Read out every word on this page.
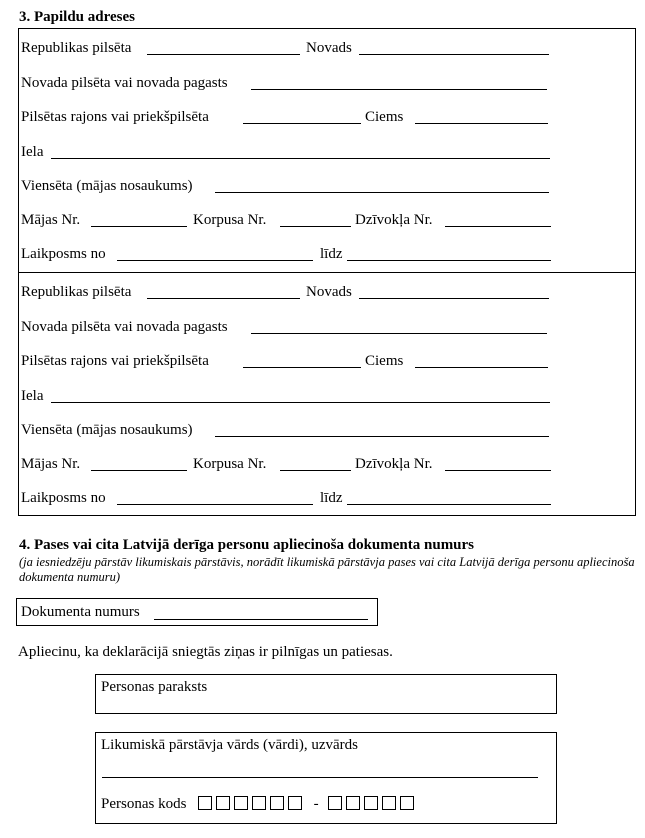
3. Papildu adreses
Republikas pilsēta	Novads
Novada pilsēta vai novada pagasts
Pilsētas rajons vai priekšpilsēta	Ciems
Iela
Viensēta (mājas nosaukums)
Mājas Nr.	Korpusa Nr.	Dzīvokļa Nr.
Laikposms no	līdz
Republikas pilsēta	Novads
Novada pilsēta vai novada pagasts
Pilsētas rajons vai priekšpilsēta	Ciems
Iela
Viensēta (mājas nosaukums)
Mājas Nr.	Korpusa Nr.	Dzīvokļa Nr.
Laikposms no	līdz
4. Pases vai cita Latvijā derīga personu apliecinoša dokumenta numurs
(ja iesniedzēju pārstāv likumiskais pārstāvis, norādīt likumiskā pārstāvja pases vai cita Latvijā derīga personu apliecinoša dokumenta numuru)
Dokumenta numurs
Apliecinu, ka deklarācijā sniegtās ziņas ir pilnīgas un patiesas.
Personas paraksts
Likumiskā pārstāvja vārds (vārdi), uzvārds
Personas kods	-
